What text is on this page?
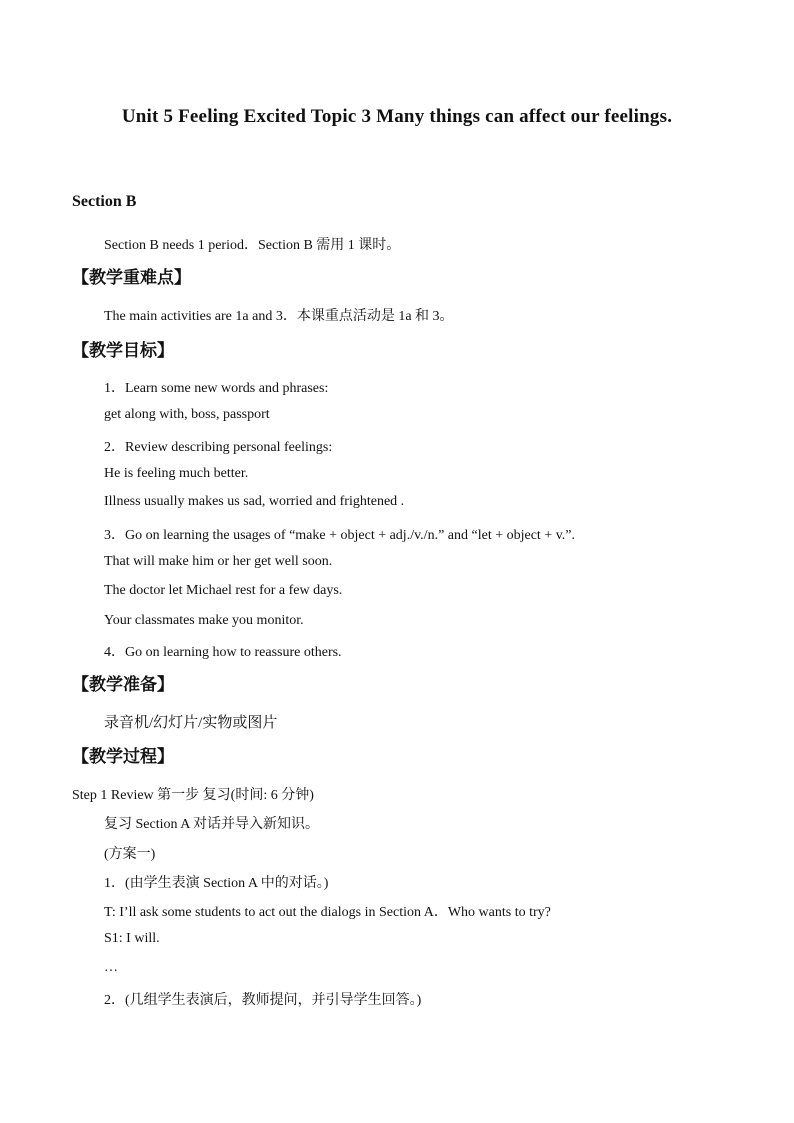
Unit 5 Feeling Excited Topic 3 Many things can affect our feelings.

Section B

Section B needs 1 period．Section B 需用 1 课时。

【教学重难点】

The main activities are 1a and 3．本课重点活动是 1a 和 3。

【教学目标】

1．Learn some new words and phrases:

get along with, boss, passport

2．Review describing personal feelings:

He is feeling much better.

Illness usually makes us sad, worried and frightened .

3．Go on learning the usages of “make + object + adj./v./n.” and “let + object + v.”.

That will make him or her get well soon.

The doctor let Michael rest for a few days.

Your classmates make you monitor.

4．Go on learning how to reassure others.

【教学准备】

录音机/幻灯片/实物或图片

【教学过程】

Step 1 Review 第一步 复习(时间: 6 分钟)

复习 Section A 对话并导入新知识。

(方案一)

1．(由学生表演 Section A 中的对话。)

T: I’ll ask some students to act out the dialogs in Section A．Who wants to try?

S1: I will.

…

2．(几组学生表演后，教师提问，并引导学生回答。)
